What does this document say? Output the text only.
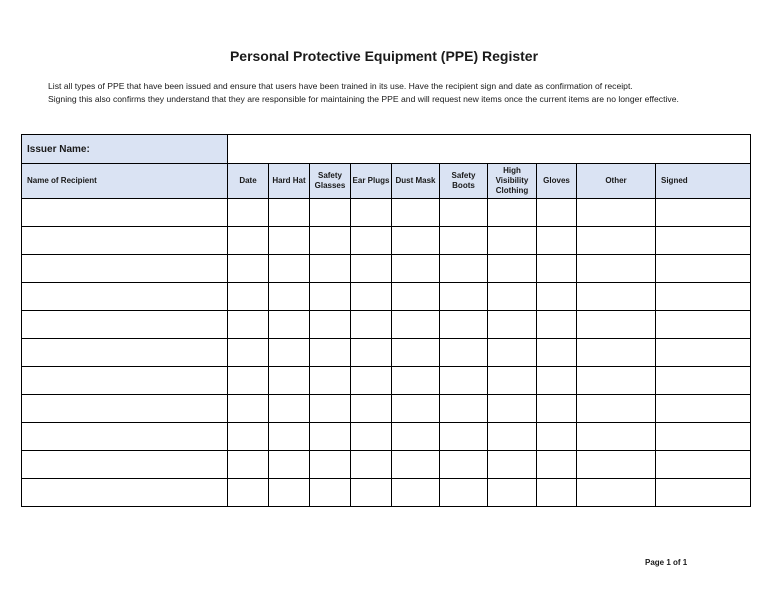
Personal Protective Equipment (PPE) Register

List all types of PPE that have been issued and ensure that users have been trained in its use. Have the recipient sign and date as confirmation of receipt.

Signing this also confirms they understand that they are responsible for maintaining the PPE and will request new items once the current items are no longer effective.

Issuer Name:										
Name of Recipient	Date	Hard Hat	Safety Glasses	Ear Plugs	Dust Mask	Safety Boots	High Visibility Clothing	Gloves	Other	Signed

Page 1 of 1
